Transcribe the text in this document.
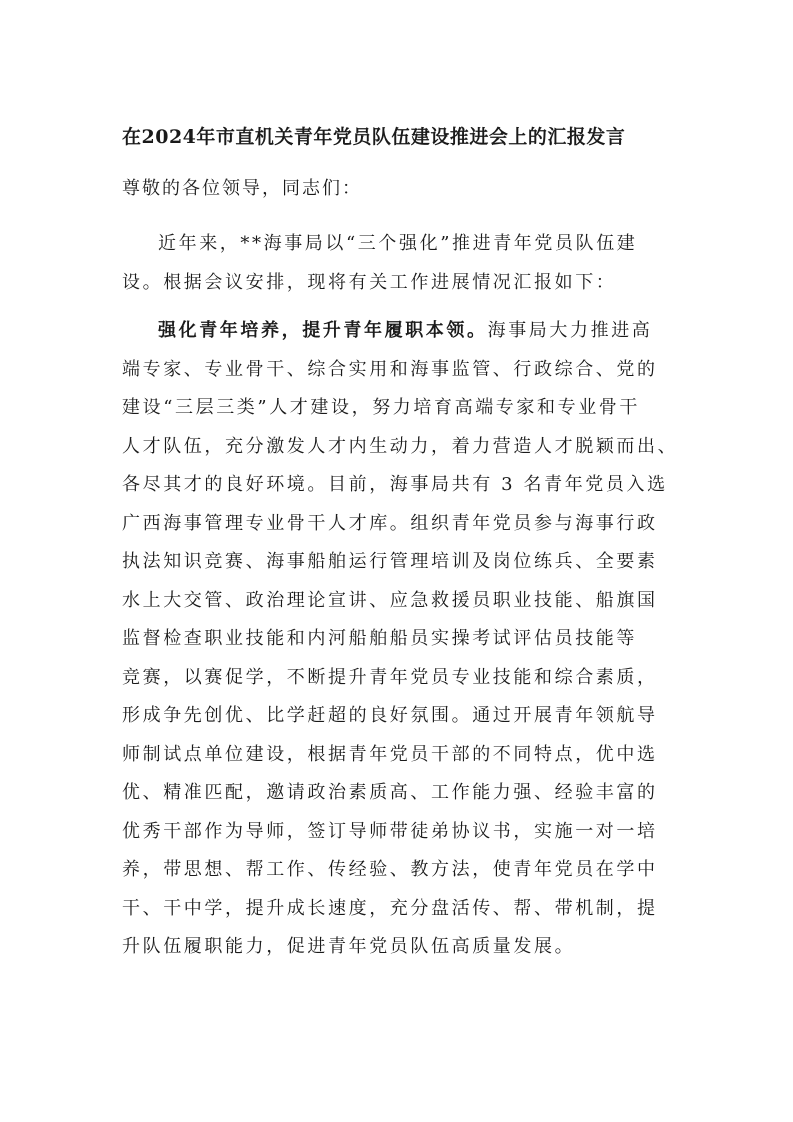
在2024年市直机关青年党员队伍建设推进会上的汇报发言
尊敬的各位领导，同志们：
近年来，**海事局以“三个强化”推进青年党员队伍建
设。根据会议安排，现将有关工作进展情况汇报如下：
强化青年培养，提升青年履职本领。海事局大力推进高
端专家、专业骨干、综合实用和海事监管、行政综合、党的
建设“三层三类”人才建设，努力培育高端专家和专业骨干
人才队伍，充分激发人才内生动力，着力营造人才脱颖而出、
各尽其才的良好环境。目前，海事局共有 3 名青年党员入选
广西海事管理专业骨干人才库。组织青年党员参与海事行政
执法知识竞赛、海事船舶运行管理培训及岗位练兵、全要素
水上大交管、政治理论宣讲、应急救援员职业技能、船旗国
监督检查职业技能和内河船舶船员实操考试评估员技能等
竞赛，以赛促学，不断提升青年党员专业技能和综合素质，
形成争先创优、比学赶超的良好氛围。通过开展青年领航导
师制试点单位建设，根据青年党员干部的不同特点，优中选
优、精准匹配，邀请政治素质高、工作能力强、经验丰富的
优秀干部作为导师，签订导师带徒弟协议书，实施一对一培
养，带思想、帮工作、传经验、教方法，使青年党员在学中
干、干中学，提升成长速度，充分盘活传、帮、带机制，提
升队伍履职能力，促进青年党员队伍高质量发展。
